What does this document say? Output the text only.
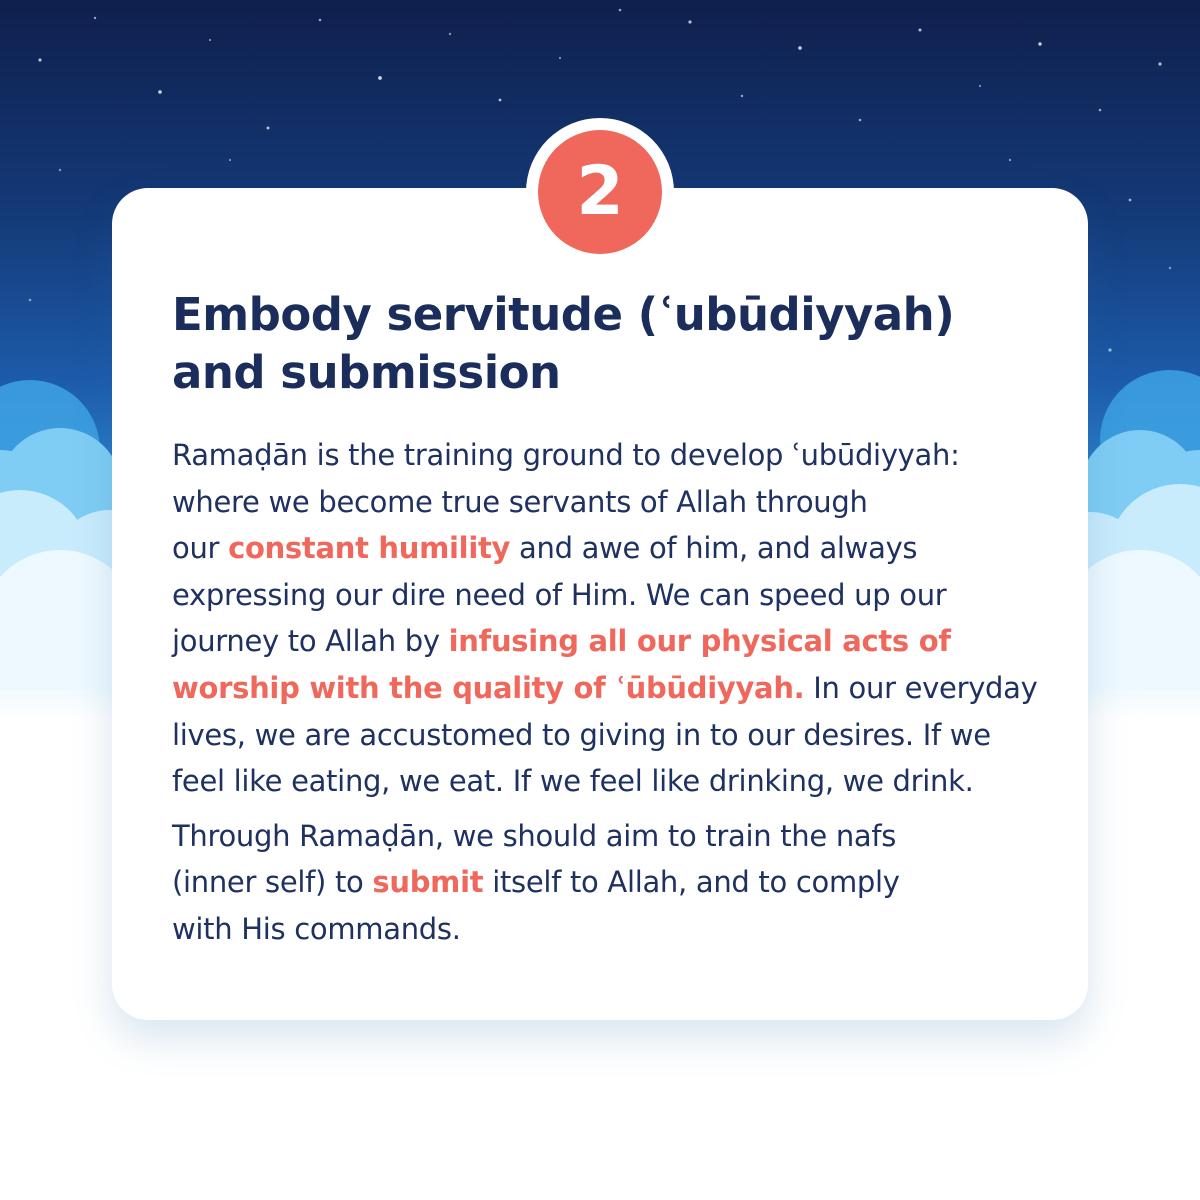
2
Embody servitude (ʿubūdiyyah)
and submission

Ramaḍān is the training ground to develop ʿubūdiyyah:
where we become true servants of Allah through
our constant humility and awe of him, and always
expressing our dire need of Him. We can speed up our
journey to Allah by infusing all our physical acts of
worship with the quality of ʿūbūdiyyah. In our everyday
lives, we are accustomed to giving in to our desires. If we
feel like eating, we eat. If we feel like drinking, we drink.

Through Ramaḍān, we should aim to train the nafs
(inner self) to submit itself to Allah, and to comply
with His commands.
